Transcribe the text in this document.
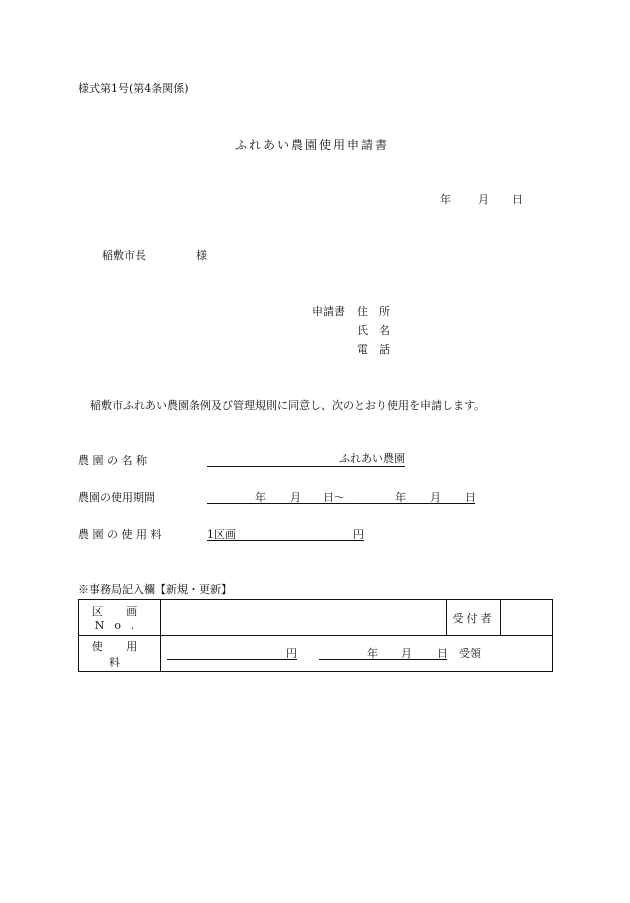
様式第1号(第4条関係)
ふれあい農園使用申請書
年 月 日
稲敷市長	様
申請書 住　所
氏　名
電　話
稲敷市ふれあい農園条例及び管理規則に同意し、次のとおり使用を申請します。
農 園 の 名 称	ふれあい農園
農園の使用期間	年 月 日〜	年 月 日
農 園 の 使 用 料	1区画	円
※事務局記入欄【新規・更新】
区 画 No.		受付者	
使 用 料	円 年 月 日 受領		
